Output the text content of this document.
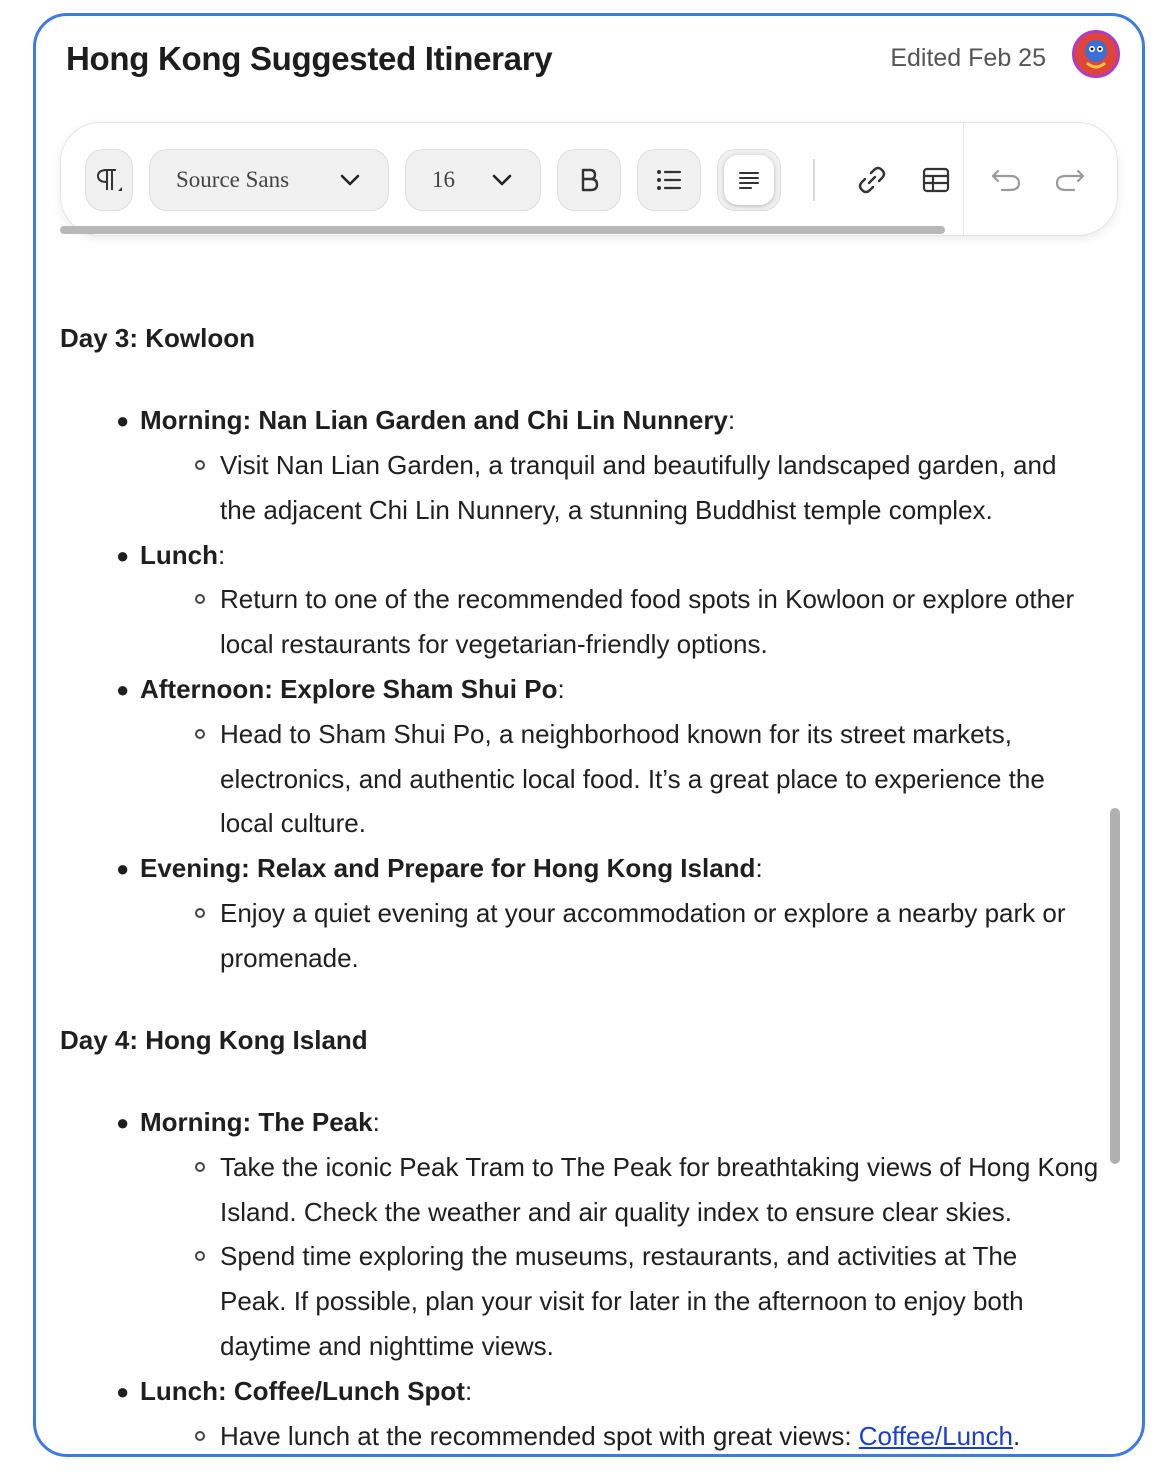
Hong Kong Suggested Itinerary	Edited Feb 25
Source Sans	16
Day 3: Kowloon
● Morning: Nan Lian Garden and Chi Lin Nunnery:
Visit Nan Lian Garden, a tranquil and beautifully landscaped garden, and
the adjacent Chi Lin Nunnery, a stunning Buddhist temple complex.
● Lunch:
Return to one of the recommended food spots in Kowloon or explore other
local restaurants for vegetarian-friendly options.
● Afternoon: Explore Sham Shui Po:
Head to Sham Shui Po, a neighborhood known for its street markets,
electronics, and authentic local food. It’s a great place to experience the
local culture.
● Evening: Relax and Prepare for Hong Kong Island:
Enjoy a quiet evening at your accommodation or explore a nearby park or
promenade.
Day 4: Hong Kong Island
● Morning: The Peak:
Take the iconic Peak Tram to The Peak for breathtaking views of Hong Kong
Island. Check the weather and air quality index to ensure clear skies.
Spend time exploring the museums, restaurants, and activities at The
Peak. If possible, plan your visit for later in the afternoon to enjoy both
daytime and nighttime views.
● Lunch: Coffee/Lunch Spot:
Have lunch at the recommended spot with great views: Coffee/Lunch.
